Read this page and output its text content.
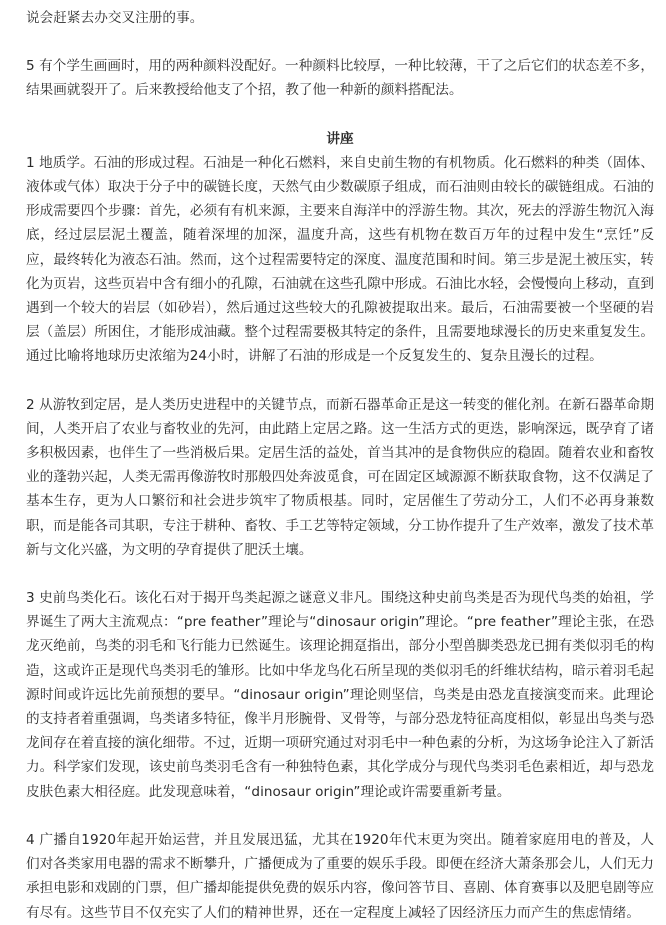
说会赶紧去办交叉注册的事。

5 有个学生画画时，用的两种颜料没配好。一种颜料比较厚，一种比较薄，干了之后它们的状态差不多，结果画就裂开了。后来教授给他支了个招，教了他一种新的颜料搭配法。

讲座

1 地质学。石油的形成过程。石油是一种化石燃料，来自史前生物的有机物质。化石燃料的种类（固体、液体或气体）取决于分子中的碳链长度，天然气由少数碳原子组成，而石油则由较长的碳链组成。石油的形成需要四个步骤：首先，必须有有机来源，主要来自海洋中的浮游生物。其次，死去的浮游生物沉入海底，经过层层泥土覆盖，随着深埋的加深，温度升高，这些有机物在数百万年的过程中发生“烹饪”反应，最终转化为液态石油。然而，这个过程需要特定的深度、温度范围和时间。第三步是泥土被压实，转化为页岩，这些页岩中含有细小的孔隙，石油就在这些孔隙中形成。石油比水轻，会慢慢向上移动，直到遇到一个较大的岩层（如砂岩），然后通过这些较大的孔隙被提取出来。最后，石油需要被一个坚硬的岩层（盖层）所困住，才能形成油藏。整个过程需要极其特定的条件，且需要地球漫长的历史来重复发生。通过比喻将地球历史浓缩为24小时，讲解了石油的形成是一个反复发生的、复杂且漫长的过程。

2 从游牧到定居，是人类历史进程中的关键节点，而新石器革命正是这一转变的催化剂。在新石器革命期间，人类开启了农业与畜牧业的先河，由此踏上定居之路。这一生活方式的更迭，影响深远，既孕育了诸多积极因素，也伴生了一些消极后果。定居生活的益处，首当其冲的是食物供应的稳固。随着农业和畜牧业的蓬勃兴起，人类无需再像游牧时那般四处奔波觅食，可在固定区域源源不断获取食物，这不仅满足了基本生存，更为人口繁衍和社会进步筑牢了物质根基。同时，定居催生了劳动分工，人们不必再身兼数职，而是能各司其职，专注于耕种、畜牧、手工艺等特定领域，分工协作提升了生产效率，激发了技术革新与文化兴盛，为文明的孕育提供了肥沃土壤。

3 史前鸟类化石。该化石对于揭开鸟类起源之谜意义非凡。围绕这种史前鸟类是否为现代鸟类的始祖，学界诞生了两大主流观点：“pre feather”理论与“dinosaur origin”理论。“pre feather”理论主张，在恐龙灭绝前，鸟类的羽毛和飞行能力已然诞生。该理论拥趸指出，部分小型兽脚类恐龙已拥有类似羽毛的构造，这或许正是现代鸟类羽毛的雏形。比如中华龙鸟化石所呈现的类似羽毛的纤维状结构，暗示着羽毛起源时间或许远比先前预想的要早。“dinosaur origin”理论则坚信，鸟类是由恐龙直接演变而来。此理论的支持者着重强调，鸟类诸多特征，像半月形腕骨、叉骨等，与部分恐龙特征高度相似，彰显出鸟类与恐龙间存在着直接的演化细带。不过，近期一项研究通过对羽毛中一种色素的分析，为这场争论注入了新活力。科学家们发现，该史前鸟类羽毛含有一种独特色素，其化学成分与现代鸟类羽毛色素相近，却与恐龙皮肤色素大相径庭。此发现意味着，“dinosaur origin”理论或许需要重新考量。

4 广播自1920年起开始运营，并且发展迅猛，尤其在1920年代末更为突出。随着家庭用电的普及，人们对各类家用电器的需求不断攀升，广播便成为了重要的娱乐手段。即便在经济大萧条那会儿，人们无力承担电影和戏剧的门票，但广播却能提供免费的娱乐内容，像问答节目、喜剧、体育赛事以及肥皂剧等应有尽有。这些节目不仅充实了人们的精神世界，还在一定程度上减轻了因经济压力而产生的焦虑情绪。
